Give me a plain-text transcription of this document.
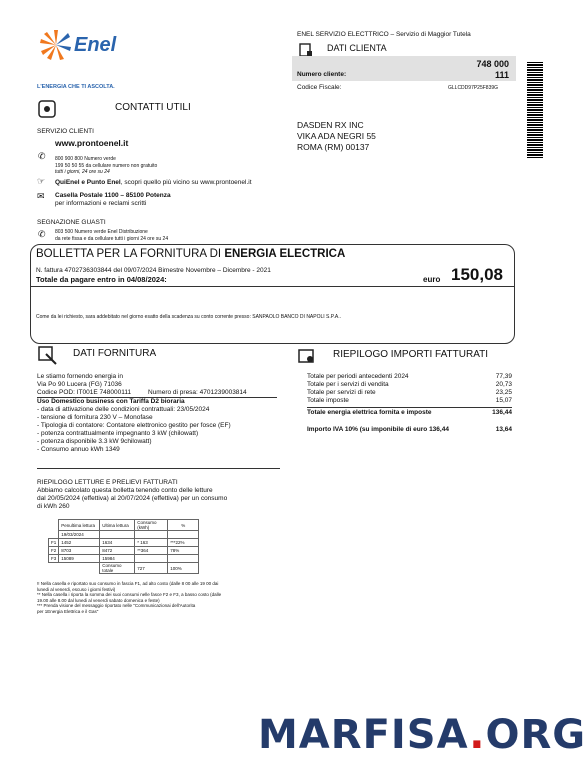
Enel
L'ENERGIA CHE TI ASCOLTA.
CONTATTI UTILI
SERVIZIO CLIENTI
www.prontoenel.it
✆ 800 900 800 Numero verde
199 50 50 55 da cellulare numero non gratuito
tutti i giorni, 24 ore su 24
☞ QuiEnel e Punto Enel, scopri quello più vicino su www.prontoenel.it
✉ Casella Postale 1100 – 85100 Potenza
per informazioni e reclami scritti
SEGNAZIONE GUASTI
✆ 803 500 Numero verde Enel Distribuzione
da rete fissa e da cellulare tutti i giorni 24 ore su 24
ENEL SERVIZIO ELECTTRICO – Servizio di Maggior Tutela
DATI CLIENTA
748 000
Numero cliente:	111
Codice Fiscale:	GLLCDD97P25F839G
DASDEN RX INC
VIKA ADA NEGRI 55
ROMA (RM) 00137
BOLLETTA PER LA FORNITURA DI ENERGIA ELECTRICA
N. fattura 4702736303844 del 09/07/2024 Bimestre Novembre – Dicembre - 2021
Totale da pagare entro in 04/08/2024:	euro 150,08
Come da lei richiesto, sara addebitato nel giorno esatto della scadenza su conto corrente presso: SANPAOLO BANCO DI NAPOLI S.P.A..
DATI FORNITURA
Le stiamo fornendo energia in
Via Po 90 Lucera (FG) 71036
Codice POD: IT001E 748000111	Numero di presa: 4701239003814
Uso Domestico business con Tariffa D2 bioraria
- data di attivazione delle condizioni contrattuali: 23/05/2024
- tensione di fornitura 230 V – Monofase
- Tipologia di contatore: Contatore elettronico gestito per fosce (EF)
- potenza contrattualmente impegnanto 3 kW (chilowatt)
- potenza disponibile 3.3 kW 9chilowatt)
- Consumo annuo kWh 1349
RIEPILOGO IMPORTI FATTURATI
Totale per periodi antecedenti 2024	77,39
Totale per i servizi di vendita	20,73
Totale per servizi di rete	23,25
Totale imposte	15,07
Totale energia elettrica fornita e imposte	136,44
Importo IVA 10% (su imponibile di euro 136,44	13,64
RIEPILOGO LETTURE E PRELIEVI FATTURATI
Abbiamo calcolato questa bolletta tenendo conto delle letture
dal 20/05/2024 (effettiva) al 20/07/2024 (effettiva) per un consumo
di kWh 260
	Penultima lettura	Ultima lettura	Consumo (kWh)	%
	19/03/2024			
F1	1452	1634	* 163	***22%
F2	8703	8472	**364	78%
F3	15089	15984		
		Consumo totale	727	100%
!! Nella casella e riportato suo consumo in fascia F1, ad alto costo (dalle 8 00 alle 19 00 dai
lunedi al venerdi, escuso i giorni festivi)
** Nella casella i riporta la somma dei suoi consumi nelle fasce F2 e F3, a basso costo (dalle
19.00 alle 8.00 dal lunedi al venerdi sabato domenica e feste)
*** Prenda visione del messaggio riportato nelle "Communicazionai dell'Autorita
per 1Energia Elettrica e il Gas"
MARFISA.ORG
